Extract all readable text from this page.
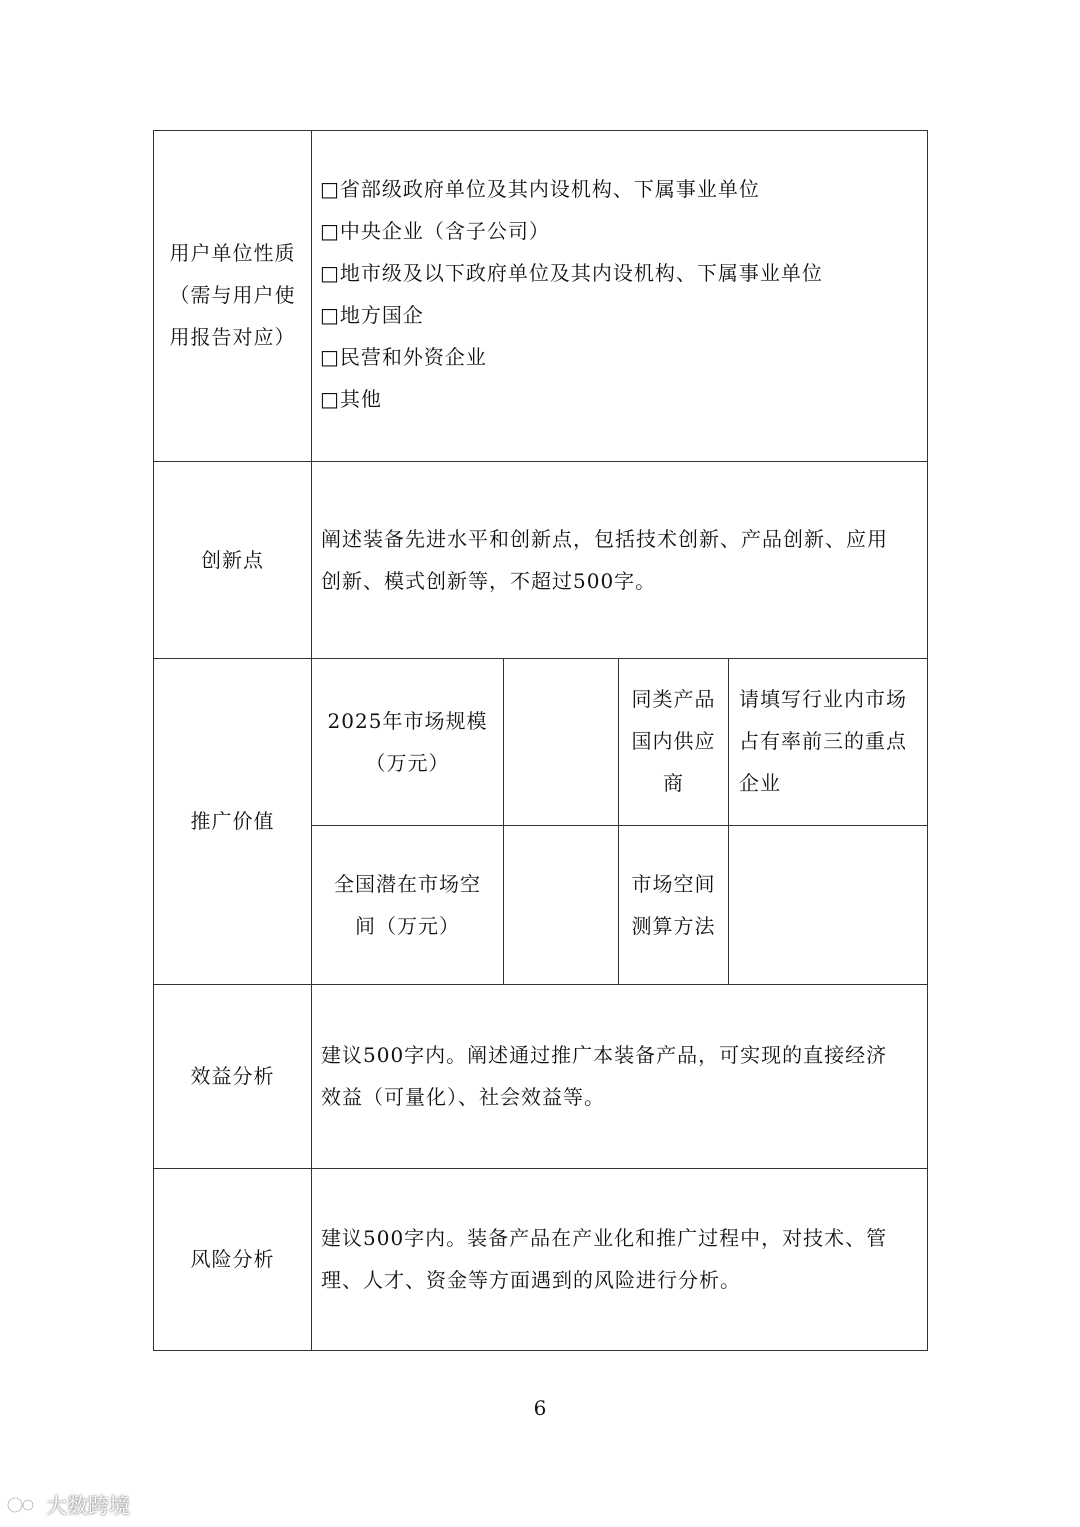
用户单位性质
（需与用户使
用报告对应）
□省部级政府单位及其内设机构、下属事业单位
□中央企业（含子公司）
□地市级及以下政府单位及其内设机构、下属事业单位
□地方国企
□民营和外资企业
□其他
创新点
阐述装备先进水平和创新点，包括技术创新、产品创新、应用
创新、模式创新等，不超过500字。
推广价值
2025年市场规模
（万元）
同类产品
国内供应
商
请填写行业内市场
占有率前三的重点
企业
全国潜在市场空
间（万元）
市场空间
测算方法
效益分析
建议500字内。阐述通过推广本装备产品，可实现的直接经济
效益（可量化）、社会效益等。
风险分析
建议500字内。装备产品在产业化和推广过程中，对技术、管
理、人才、资金等方面遇到的风险进行分析。
6
大数跨境
